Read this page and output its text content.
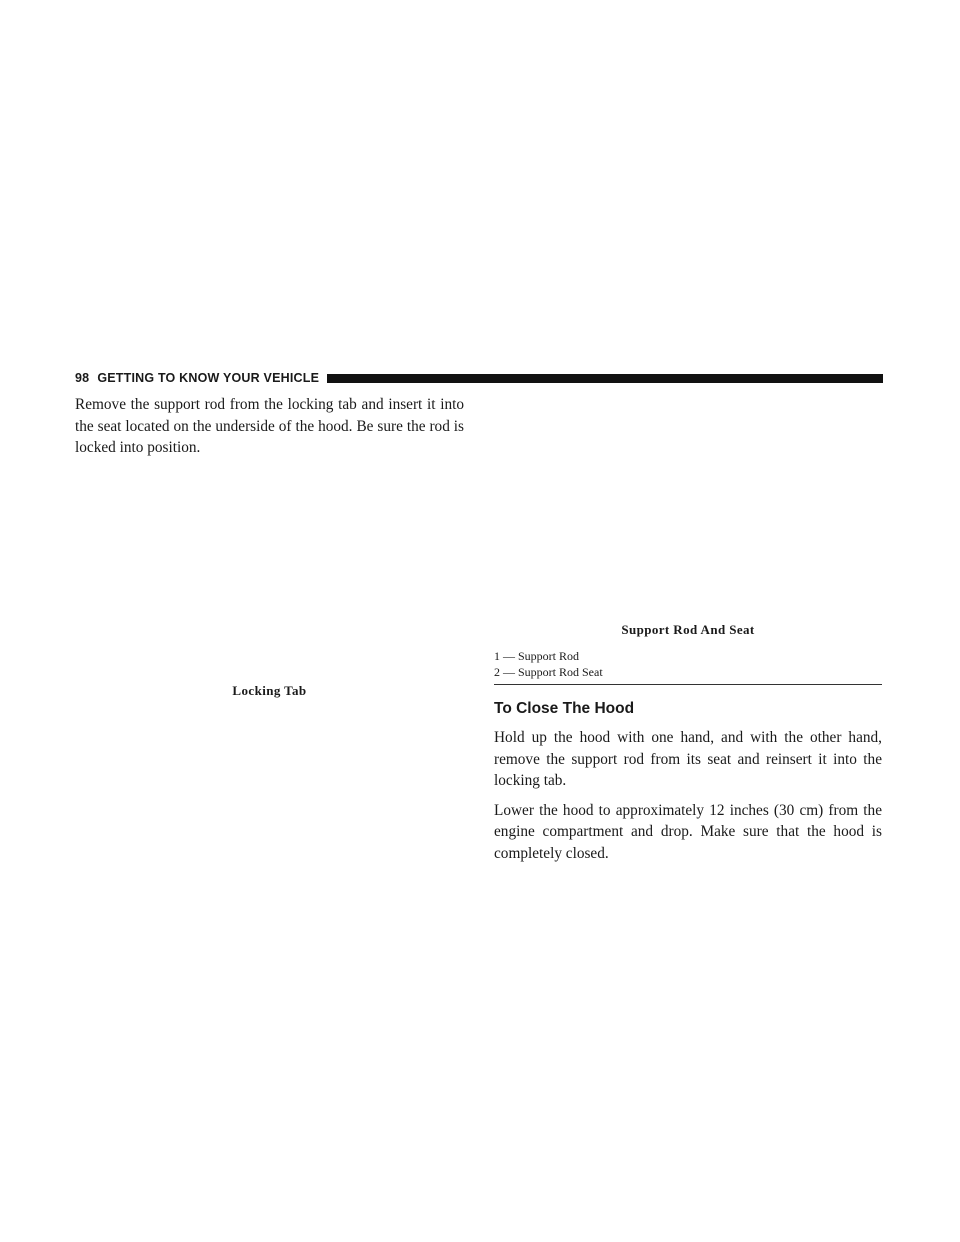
98 GETTING TO KNOW YOUR VEHICLE

Remove the support rod from the locking tab and insert it into the seat located on the underside of the hood. Be sure the rod is locked into position.

Locking Tab
Support Rod And Seat
1 — Support Rod
2 — Support Rod Seat
To Close The Hood

Hold up the hood with one hand, and with the other hand, remove the support rod from its seat and reinsert it into the locking tab.

Lower the hood to approximately 12 inches (30 cm) from the engine compartment and drop. Make sure that the hood is completely closed.
